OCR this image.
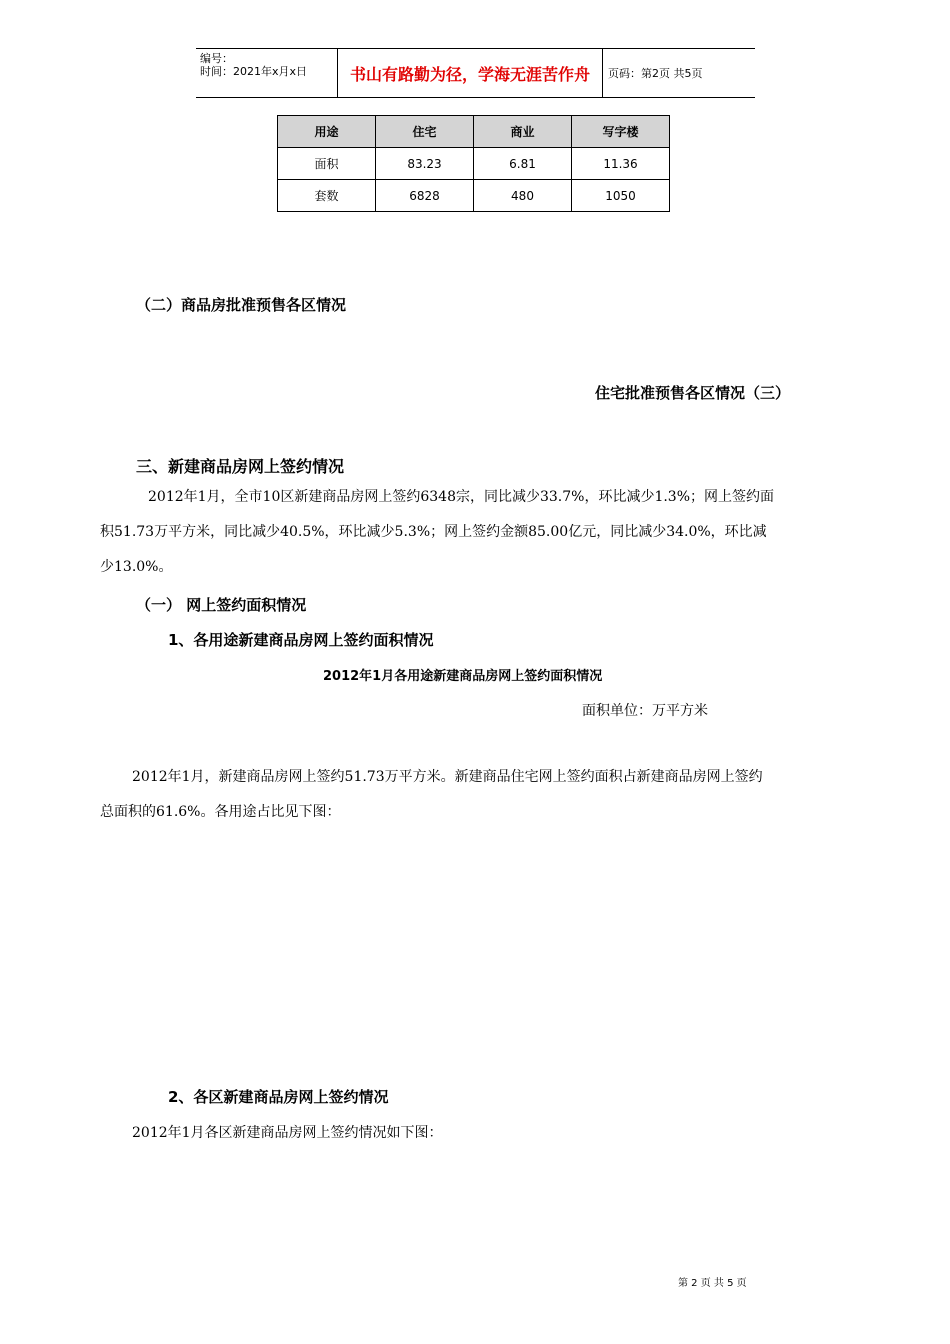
编号：
时间：2021年x月x日	书山有路勤为径，学海无涯苦作舟	页码：第2页 共5页
用途	住宅	商业	写字楼
面积	83.23	6.81	11.36
套数	6828	480	1050
（二）商品房批准预售各区情况
住宅批准预售各区情况（三）
三、新建商品房网上签约情况
2012年1月，全市10区新建商品房网上签约6348宗，同比减少33.7%，环比减少1.3%；网上签约面
积51.73万平方米，同比减少40.5%，环比减少5.3%；网上签约金额85.00亿元，同比减少34.0%，环比减
少13.0%。
（一） 网上签约面积情况
1、各用途新建商品房网上签约面积情况
2012年1月各用途新建商品房网上签约面积情况
面积单位：万平方米
2012年1月，新建商品房网上签约51.73万平方米。新建商品住宅网上签约面积占新建商品房网上签约
总面积的61.6%。各用途占比见下图：
2、各区新建商品房网上签约情况
2012年1月各区新建商品房网上签约情况如下图：
第 2 页 共 5 页
